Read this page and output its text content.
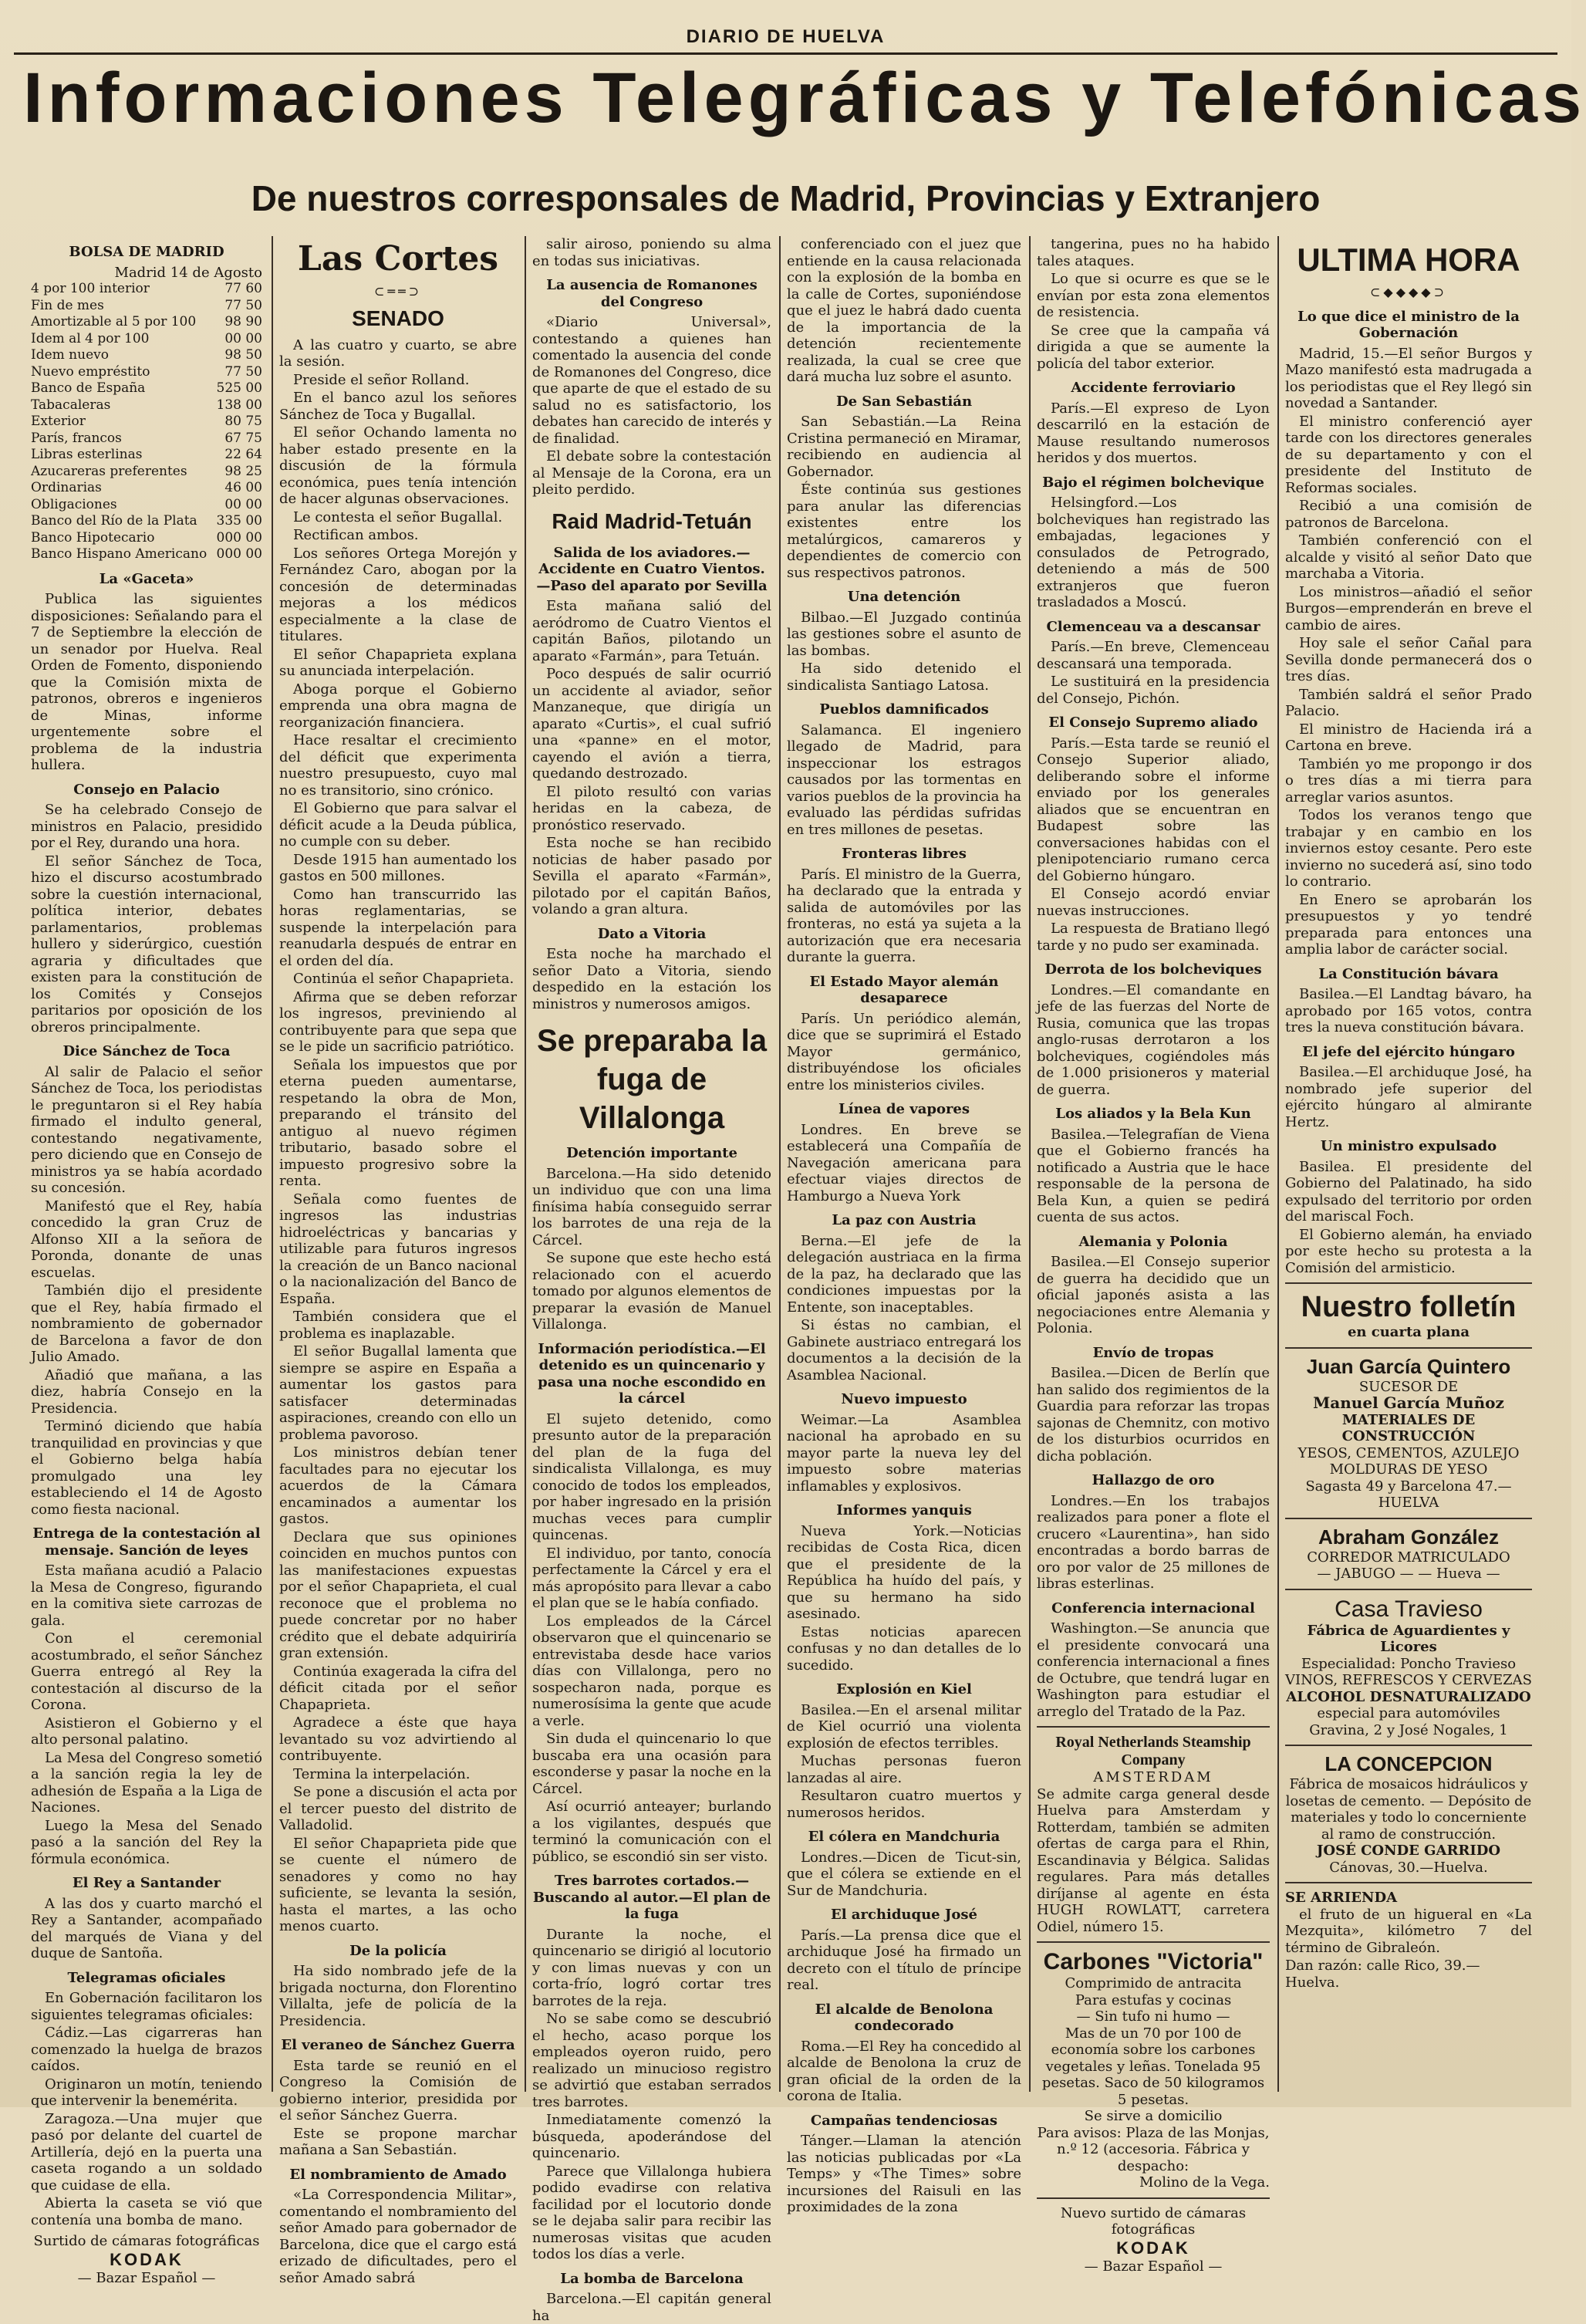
DIARIO DE HUELVA
Informaciones Telegráficas y Telefónicas
De nuestros corresponsales de Madrid, Provincias y Extranjero
BOLSA DE MADRID
Madrid 14 de Agosto
4 por 100 interior	77 60
Fin de mes	77 50
Amortizable al 5 por 100	98 90
Idem al 4 por 100	00 00
Idem nuevo	98 50
Nuevo empréstito	77 50
Banco de España	525 00
Tabacaleras	138 00
Exterior	80 75
París, francos	67 75
Libras esterlinas	22 64
Azucareras preferentes	98 25
Ordinarias	46 00
Obligaciones	00 00
Banco del Río de la Plata 335 00
Banco Hipotecario	000 00
Banco Hispano Americano 000 00
La «Gaceta»

Publica las siguientes disposiciones: Señalando para el 7 de Septiembre la elección de un senador por Huelva. Real Orden de Fomento, disponiendo que la Comisión mixta de patronos, obreros e ingenieros de Minas, informe urgentemente sobre el problema de la industria hullera.

Consejo en Palacio

Se ha celebrado Consejo de ministros en Palacio, presidido por el Rey, durando una hora.

El señor Sánchez de Toca, hizo el discurso acostumbrado sobre la cuestión internacional, política interior, debates parlamentarios, problemas hullero y siderúrgico, cuestión agraria y dificultades que existen para la constitución de los Comités y Consejos paritarios por oposición de los obreros principalmente.

Dice Sánchez de Toca

Al salir de Palacio el señor Sánchez de Toca, los periodistas le preguntaron si el Rey había firmado el indulto general, contestando negativamente, pero diciendo que en Consejo de ministros ya se había acordado su concesión.

Manifestó que el Rey, había concedido la gran Cruz de Alfonso XII a la señora de Poronda, donante de unas escuelas.

También dijo el presidente que el Rey, había firmado el nombramiento de gobernador de Barcelona a favor de don Julio Amado.

Añadió que mañana, a las diez, habría Consejo en la Presidencia.

Terminó diciendo que había tranquilidad en provincias y que el Gobierno belga había promulgado una ley estableciendo el 14 de Agosto como fiesta nacional.

Entrega de la contestación al mensaje. Sanción de leyes

Esta mañana acudió a Palacio la Mesa de Congreso, figurando en la comitiva siete carrozas de gala.

Con el ceremonial acostumbrado, el señor Sánchez Guerra entregó al Rey la contestación al discurso de la Corona.

Asistieron el Gobierno y el alto personal palatino.

La Mesa del Congreso sometió a la sanción regia la ley de adhesión de España a la Liga de Naciones.

Luego la Mesa del Senado pasó a la sanción del Rey la fórmula económica.

El Rey a Santander

A las dos y cuarto marchó el Rey a Santander, acompañado del marqués de Viana y del duque de Santoña.

Telegramas oficiales

En Gobernación facilitaron los siguientes telegramas oficiales:

Cádiz.—Las cigarreras han comenzado la huelga de brazos caídos.

Originaron un motín, teniendo que intervenir la benemérita.

Zaragoza.—Una mujer que pasó por delante del cuartel de Artillería, dejó en la puerta una caseta rogando a un soldado que cuidase de ella.

Abierta la caseta se vió que contenía una bomba de mano.

Surtido de cámaras fotográficas
KODAK
— Bazar Español —
Las Cortes
⊂══⊃
SENADO

A las cuatro y cuarto, se abre la sesión.

Preside el señor Rolland.

En el banco azul los señores Sánchez de Toca y Bugallal.

El señor Ochando lamenta no haber estado presente en la discusión de la fórmula económica, pues tenía intención de hacer algunas observaciones.

Le contesta el señor Bugallal.

Rectifican ambos.

Los señores Ortega Morejón y Fernández Caro, abogan por la concesión de determinadas mejoras a los médicos especialmente a la clase de titulares.

El señor Chapaprieta explana su anunciada interpelación.

Aboga porque el Gobierno emprenda una obra magna de reorganización financiera.

Hace resaltar el crecimiento del déficit que experimenta nuestro presupuesto, cuyo mal no es transitorio, sino crónico.

El Gobierno que para salvar el déficit acude a la Deuda pública, no cumple con su deber.

Desde 1915 han aumentado los gastos en 500 millones.

Como han transcurrido las horas reglamentarias, se suspende la interpelación para reanudarla después de entrar en el orden del día.

Continúa el señor Chapaprieta.

Afirma que se deben reforzar los ingresos, previniendo al contribuyente para que sepa que se le pide un sacrificio patriótico.

Señala los impuestos que por eterna pueden aumentarse, respetando la obra de Mon, preparando el tránsito del antiguo al nuevo régimen tributario, basado sobre el impuesto progresivo sobre la renta.

Señala como fuentes de ingresos las industrias hidroeléctricas y bancarias y utilizable para futuros ingresos la creación de un Banco nacional o la nacionalización del Banco de España.

También considera que el problema es inaplazable.

El señor Bugallal lamenta que siempre se aspire en España a aumentar los gastos para satisfacer determinadas aspiraciones, creando con ello un problema pavoroso.

Los ministros debían tener facultades para no ejecutar los acuerdos de la Cámara encaminados a aumentar los gastos.

Declara que sus opiniones coinciden en muchos puntos con las manifestaciones expuestas por el señor Chapaprieta, el cual reconoce que el problema no puede concretar por no haber crédito que el debate adquiriría gran extensión.

Continúa exagerada la cifra del déficit citada por el señor Chapaprieta.

Agradece a éste que haya levantado su voz advirtiendo al contribuyente.

Termina la interpelación.

Se pone a discusión el acta por el tercer puesto del distrito de Valladolid.

El señor Chapaprieta pide que se cuente el número de senadores y como no hay suficiente, se levanta la sesión, hasta el martes, a las ocho menos cuarto.

De la policía

Ha sido nombrado jefe de la brigada nocturna, don Florentino Villalta, jefe de policía de la Presidencia.

El veraneo de Sánchez Guerra

Esta tarde se reunió en el Congreso la Comisión de gobierno interior, presidida por el señor Sánchez Guerra.

Este se propone marchar mañana a San Sebastián.

El nombramiento de Amado

«La Correspondencia Militar», comentando el nombramiento del señor Amado para gobernador de Barcelona, dice que el cargo está erizado de dificultades, pero el señor Amado sabrá

salir airoso, poniendo su alma en todas sus iniciativas.

La ausencia de Romanones del Congreso

«Diario Universal», contestando a quienes han comentado la ausencia del conde de Romanones del Congreso, dice que aparte de que el estado de su salud no es satisfactorio, los debates han carecido de interés y de finalidad.

El debate sobre la contestación al Mensaje de la Corona, era un pleito perdido.

Raid Madrid-Tetuán
Salida de los aviadores.—Accidente en Cuatro Vientos.—Paso del aparato por Sevilla

Esta mañana salió del aeródromo de Cuatro Vientos el capitán Baños, pilotando un aparato «Farmán», para Tetuán.

Poco después de salir ocurrió un accidente al aviador, señor Manzaneque, que dirigía un aparato «Curtis», el cual sufrió una «panne» en el motor, cayendo el avión a tierra, quedando destrozado.

El piloto resultó con varias heridas en la cabeza, de pronóstico reservado.

Esta noche se han recibido noticias de haber pasado por Sevilla el aparato «Farmán», pilotado por el capitán Baños, volando a gran altura.

Dato a Vitoria

Esta noche ha marchado el señor Dato a Vitoria, siendo despedido en la estación los ministros y numerosos amigos.

Se preparaba la fuga de Villalonga
Detención importante

Barcelona.—Ha sido detenido un individuo que con una lima finísima había conseguido serrar los barrotes de una reja de la Cárcel.

Se supone que este hecho está relacionado con el acuerdo tomado por algunos elementos de preparar la evasión de Manuel Villalonga.

Información periodística.—El detenido es un quincenario y pasa una noche escondido en la cárcel

El sujeto detenido, como presunto autor de la preparación del plan de la fuga del sindicalista Villalonga, es muy conocido de todos los empleados, por haber ingresado en la prisión muchas veces para cumplir quincenas.

El individuo, por tanto, conocía perfectamente la Cárcel y era el más apropósito para llevar a cabo el plan que se le había confiado.

Los empleados de la Cárcel observaron que el quincenario se entrevistaba desde hace varios días con Villalonga, pero no sospecharon nada, porque es numerosísima la gente que acude a verle.

Sin duda el quincenario lo que buscaba era una ocasión para esconderse y pasar la noche en la Cárcel.

Así ocurrió anteayer; burlando a los vigilantes, después que terminó la comunicación con el público, se escondió sin ser visto.

Tres barrotes cortados.—Buscando al autor.—El plan de la fuga

Durante la noche, el quincenario se dirigió al locutorio y con limas nuevas y con un corta-frío, logró cortar tres barrotes de la reja.

No se sabe como se descubrió el hecho, acaso porque los empleados oyeron ruido, pero realizado un minucioso registro se advirtió que estaban serrados tres barrotes.

Inmediatamente comenzó la búsqueda, apoderándose del quincenario.

Parece que Villalonga hubiera podido evadirse con relativa facilidad por el locutorio donde se le dejaba salir para recibir las numerosas visitas que acuden todos los días a verle.

La bomba de Barcelona

Barcelona.—El capitán general ha

conferenciado con el juez que entiende en la causa relacionada con la explosión de la bomba en la calle de Cortes, suponiéndose que el juez le habrá dado cuenta de la importancia de la detención recientemente realizada, la cual se cree que dará mucha luz sobre el asunto.

De San Sebastián

San Sebastián.—La Reina Cristina permaneció en Miramar, recibiendo en audiencia al Gobernador.

Éste continúa sus gestiones para anular las diferencias existentes entre los metalúrgicos, camareros y dependientes de comercio con sus respectivos patronos.

Una detención

Bilbao.—El Juzgado continúa las gestiones sobre el asunto de las bombas.

Ha sido detenido el sindicalista Santiago Latosa.

Pueblos damnificados

Salamanca. El ingeniero llegado de Madrid, para inspeccionar los estragos causados por las tormentas en varios pueblos de la provincia ha evaluado las pérdidas sufridas en tres millones de pesetas.

Fronteras libres

París. El ministro de la Guerra, ha declarado que la entrada y salida de automóviles por las fronteras, no está ya sujeta a la autorización que era necesaria durante la guerra.

El Estado Mayor alemán desaparece

París. Un periódico alemán, dice que se suprimirá el Estado Mayor germánico, distribuyéndose los oficiales entre los ministerios civiles.

Línea de vapores

Londres. En breve se establecerá una Compañía de Navegación americana para efectuar viajes directos de Hamburgo a Nueva York

La paz con Austria

Berna.—El jefe de la delegación austriaca en la firma de la paz, ha declarado que las condiciones impuestas por la Entente, son inaceptables.

Si éstas no cambian, el Gabinete austriaco entregará los documentos a la decisión de la Asamblea Nacional.

Nuevo impuesto

Weimar.—La Asamblea nacional ha aprobado en su mayor parte la nueva ley del impuesto sobre materias inflamables y explosivos.

Informes yanquis

Nueva York.—Noticias recibidas de Costa Rica, dicen que el presidente de la República ha huído del país, y que su hermano ha sido asesinado.

Estas noticias aparecen confusas y no dan detalles de lo sucedido.

Explosión en Kiel

Basilea.—En el arsenal militar de Kiel ocurrió una violenta explosión de efectos terribles.

Muchas personas fueron lanzadas al aire.

Resultaron cuatro muertos y numerosos heridos.

El cólera en Mandchuria

Londres.—Dicen de Ticut-sin, que el cólera se extiende en el Sur de Mandchuria.

El archiduque José

París.—La prensa dice que el archiduque José ha firmado un decreto con el título de príncipe real.

El alcalde de Benolona condecorado

Roma.—El Rey ha concedido al alcalde de Benolona la cruz de gran oficial de la orden de la corona de Italia.

Campañas tendenciosas

Tánger.—Llaman la atención las noticias publicadas por «La Temps» y «The Times» sobre incursiones del Raisuli en las proximidades de la zona

tangerina, pues no ha habido tales ataques.

Lo que si ocurre es que se le envían por esta zona elementos de resistencia.

Se cree que la campaña vá dirigida a que se aumente la policía del tabor exterior.

Accidente ferroviario

París.—El expreso de Lyon descarriló en la estación de Mause resultando numerosos heridos y dos muertos.

Bajo el régimen bolchevique

Helsingford.—Los bolcheviques han registrado las embajadas, legaciones y consulados de Petrogrado, deteniendo a más de 500 extranjeros que fueron trasladados a Moscú.

Clemenceau va a descansar

París.—En breve, Clemenceau descansará una temporada.

Le sustituirá en la presidencia del Consejo, Pichón.

El Consejo Supremo aliado

París.—Esta tarde se reunió el Consejo Superior aliado, deliberando sobre el informe enviado por los generales aliados que se encuentran en Budapest sobre las conversaciones habidas con el plenipotenciario rumano cerca del Gobierno húngaro.

El Consejo acordó enviar nuevas instrucciones.

La respuesta de Bratiano llegó tarde y no pudo ser examinada.

Derrota de los bolcheviques

Londres.—El comandante en jefe de las fuerzas del Norte de Rusia, comunica que las tropas anglo-rusas derrotaron a los bolcheviques, cogiéndoles más de 1.000 prisioneros y material de guerra.

Los aliados y la Bela Kun

Basilea.—Telegrafían de Viena que el Gobierno francés ha notificado a Austria que le hace responsable de la persona de Bela Kun, a quien se pedirá cuenta de sus actos.

Alemania y Polonia

Basilea.—El Consejo superior de guerra ha decidido que un oficial japonés asista a las negociaciones entre Alemania y Polonia.

Envío de tropas

Basilea.—Dicen de Berlín que han salido dos regimientos de la Guardia para reforzar las tropas sajonas de Chemnitz, con motivo de los disturbios ocurridos en dicha población.

Hallazgo de oro

Londres.—En los trabajos realizados para poner a flote el crucero «Laurentina», han sido encontradas a bordo barras de oro por valor de 25 millones de libras esterlinas.

Conferencia internacional

Washington.—Se anuncia que el presidente convocará una conferencia internacional a fines de Octubre, que tendrá lugar en Washington para estudiar el arreglo del Tratado de la Paz.

Royal Netherlands Steamship Company
AMSTERDAM

Se admite carga general desde Huelva para Amsterdam y Rotterdam, también se admiten ofertas de carga para el Rhin, Escandinavia y Bélgica. Salidas regulares. Para más detalles diríjanse al agente en ésta HUGH ROWLATT, carretera Odiel, número 15.

Carbones "Victoria"
Comprimido de antracita
Para estufas y cocinas
— Sin tufo ni humo —
Mas de un 70 por 100 de economía sobre los carbones vegetales y leñas. Tonelada 95 pesetas. Saco de 50 kilogramos 5 pesetas.
Se sirve a domicilio
Para avisos: Plaza de las Monjas, n.º 12 (accesoria. Fábrica y despacho:
Molino de la Vega.
Nuevo surtido de cámaras fotográficas
KODAK
— Bazar Español —
ULTIMA HORA
⊂◆◆◆◆⊃
Lo que dice el ministro de la Gobernación

Madrid, 15.—El señor Burgos y Mazo manifestó esta madrugada a los periodistas que el Rey llegó sin novedad a Santander.

El ministro conferenció ayer tarde con los directores generales de su departamento y con el presidente del Instituto de Reformas sociales.

Recibió a una comisión de patronos de Barcelona.

También conferenció con el alcalde y visitó al señor Dato que marchaba a Vitoria.

Los ministros—añadió el señor Burgos—emprenderán en breve el cambio de aires.

Hoy sale el señor Cañal para Sevilla donde permanecerá dos o tres días.

También saldrá el señor Prado Palacio.

El ministro de Hacienda irá a Cartona en breve.

También yo me propongo ir dos o tres días a mi tierra para arreglar varios asuntos.

Todos los veranos tengo que trabajar y en cambio en los inviernos estoy cesante. Pero este invierno no sucederá así, sino todo lo contrario.

En Enero se aprobarán los presupuestos y yo tendré preparada para entonces una amplia labor de carácter social.

La Constitución bávara

Basilea.—El Landtag bávaro, ha aprobado por 165 votos, contra tres la nueva constitución bávara.

El jefe del ejército húngaro

Basilea.—El archiduque José, ha nombrado jefe superior del ejército húngaro al almirante Hertz.

Un ministro expulsado

Basilea. El presidente del Gobierno del Palatinado, ha sido expulsado del territorio por orden del mariscal Foch.

El Gobierno alemán, ha enviado por este hecho su protesta a la Comisión del armisticio.

Nuestro folletín
en cuarta plana
Juan García Quintero
SUCESOR DE
Manuel García Muñoz
MATERIALES DE CONSTRUCCIÓN
YESOS, CEMENTOS, AZULEJO
MOLDURAS DE YESO
Sagasta 49 y Barcelona 47.—HUELVA
Abraham González
CORREDOR MATRICULADO
— JABUGO — — Hueva —
Casa Travieso
Fábrica de Aguardientes y Licores
Especialidad: Poncho Travieso
VINOS, REFRESCOS Y CERVEZAS
ALCOHOL DESNATURALIZADO
especial para automóviles
Gravina, 2 y José Nogales, 1
LA CONCEPCION
Fábrica de mosaicos hidráulicos y losetas de cemento. — Depósito de materiales y todo lo concerniente al ramo de construcción.
JOSÉ CONDE GARRIDO
Cánovas, 30.—Huelva.
SE ARRIENDA

el fruto de un higueral en «La Mezquita», kilómetro 7 del término de Gibraleón.

Dan razón: calle Rico, 39.—Huelva.
